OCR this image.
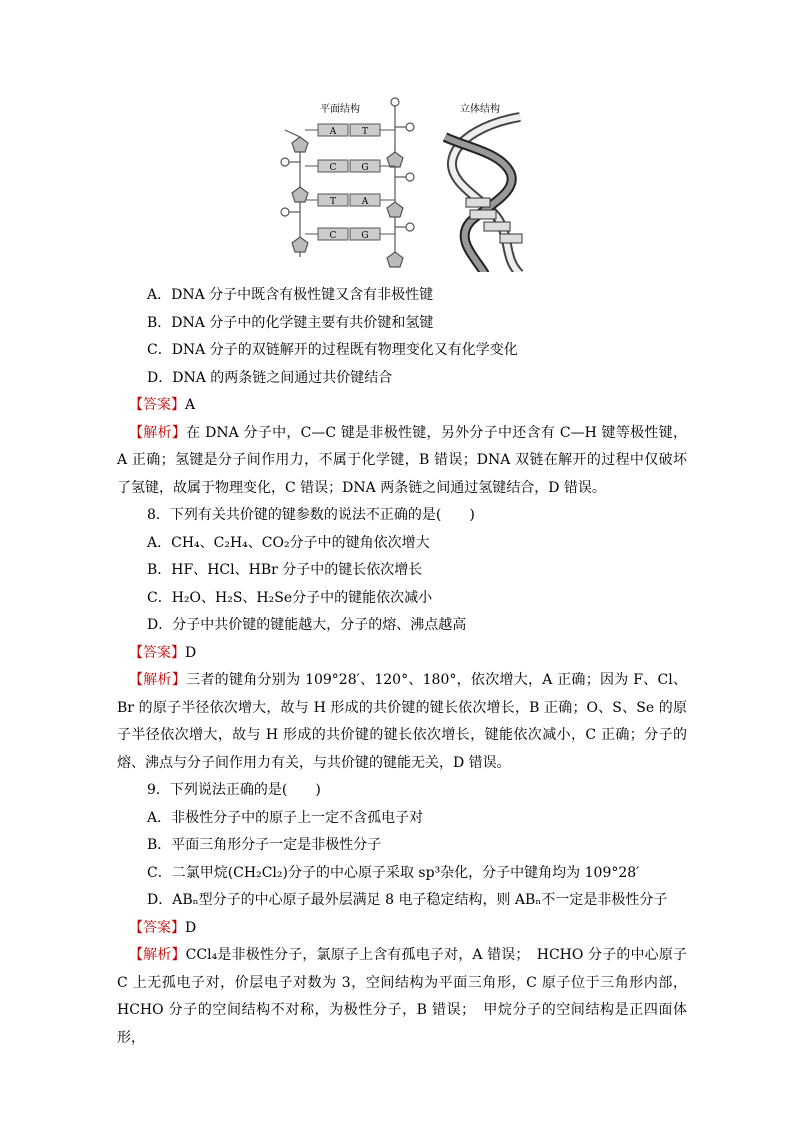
平面结构	立体结构
A	T
C	G
T	A
C	G
A．DNA 分子中既含有极性键又含有非极性键
B．DNA 分子中的化学键主要有共价键和氢键
C．DNA 分子的双链解开的过程既有物理变化又有化学变化
D．DNA 的两条链之间通过共价键结合
【答案】A
【解析】在 DNA 分子中，C—C 键是非极性键，另外分子中还含有 C—H 键等极性键，A 正确；氢键是分子间作用力，不属于化学键，B 错误；DNA 双链在解开的过程中仅破坏了氢键，故属于物理变化，C 错误；DNA 两条链之间通过氢键结合，D 错误。
8．下列有关共价键的键参数的说法不正确的是(　　)
A．CH₄、C₂H₄、CO₂分子中的键角依次增大
B．HF、HCl、HBr 分子中的键长依次增长
C．H₂O、H₂S、H₂Se分子中的键能依次减小
D．分子中共价键的键能越大，分子的熔、沸点越高
【答案】D
【解析】三者的键角分别为 109°28′、120°、180°，依次增大，A 正确；因为 F、Cl、Br 的原子半径依次增大，故与 H 形成的共价键的键长依次增长，B 正确；O、S、Se 的原子半径依次增大，故与 H 形成的共价键的键长依次增长，键能依次减小，C 正确；分子的熔、沸点与分子间作用力有关，与共价键的键能无关，D 错误。
9．下列说法正确的是(　　)
A．非极性分子中的原子上一定不含孤电子对
B．平面三角形分子一定是非极性分子
C．二氯甲烷(CH₂Cl₂)分子的中心原子采取 sp³杂化，分子中键角均为 109°28′
D．ABₙ型分子的中心原子最外层满足 8 电子稳定结构，则 ABₙ不一定是非极性分子
【答案】D
【解析】CCl₄是非极性分子，氯原子上含有孤电子对，A 错误；　HCHO 分子的中心原子 C 上无孤电子对，价层电子对数为 3，空间结构为平面三角形，C 原子位于三角形内部，HCHO 分子的空间结构不对称，为极性分子，B 错误；　甲烷分子的空间结构是正四面体形，
